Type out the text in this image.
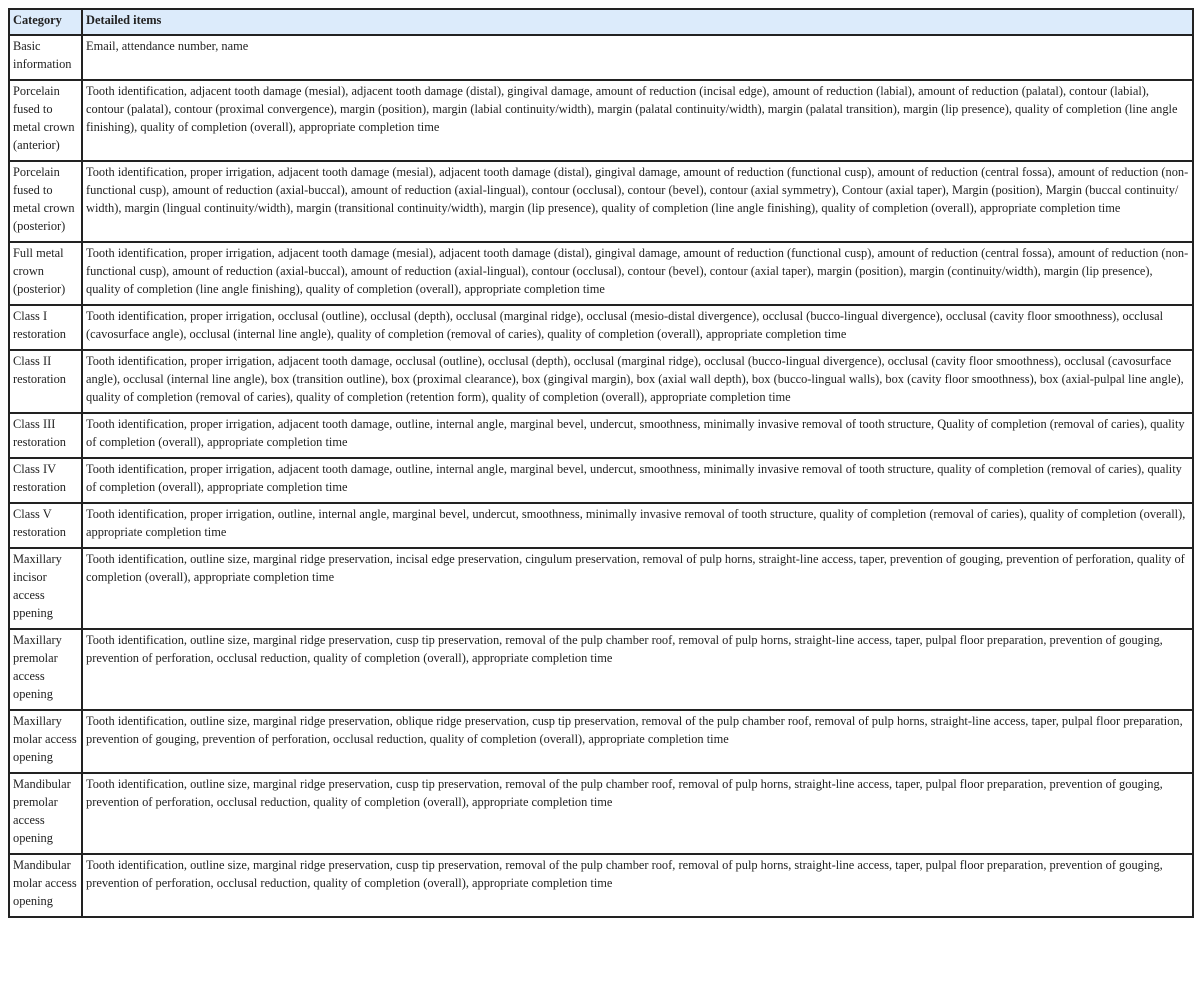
Category	Detailed items
Basic information	Email, attendance number, name
Porcelain fused to metal crown (anterior)	Tooth identification, adjacent tooth damage (mesial), adjacent tooth damage (distal), gingival damage, amount of reduction (incisal edge), amount of reduction (labial), amount of reduction (palatal), contour (labial), contour (palatal), contour (proximal convergence), margin (position), margin (labial continuity/width), margin (palatal continuity/width), margin (palatal transition), margin (lip presence), quality of completion (line angle finishing), quality of completion (overall), appropriate completion time
Porcelain fused to metal crown (posterior)	Tooth identification, proper irrigation, adjacent tooth damage (mesial), adjacent tooth damage (distal), gingival damage, amount of reduction (functional cusp), amount of reduction (central fossa), amount of reduction (non-functional cusp), amount of reduction (axial-buccal), amount of reduction (axial-lingual), contour (occlusal), contour (bevel), contour (axial symmetry), Contour (axial taper), Margin (position), Margin (buccal continuity/ width), margin (lingual continuity/width), margin (transitional continuity/width), margin (lip presence), quality of completion (line angle finishing), quality of completion (overall), appropriate completion time
Full metal crown (posterior)	Tooth identification, proper irrigation, adjacent tooth damage (mesial), adjacent tooth damage (distal), gingival damage, amount of reduction (functional cusp), amount of reduction (central fossa), amount of reduction (non-functional cusp), amount of reduction (axial-buccal), amount of reduction (axial-lingual), contour (occlusal), contour (bevel), contour (axial taper), margin (position), margin (continuity/width), margin (lip presence), quality of completion (line angle finishing), quality of completion (overall), appropriate completion time
Class I restoration	Tooth identification, proper irrigation, occlusal (outline), occlusal (depth), occlusal (marginal ridge), occlusal (mesio-distal divergence), occlusal (bucco-lingual divergence), occlusal (cavity floor smoothness), occlusal (cavosurface angle), occlusal (internal line angle), quality of completion (removal of caries), quality of completion (overall), appropriate completion time
Class II restoration	Tooth identification, proper irrigation, adjacent tooth damage, occlusal (outline), occlusal (depth), occlusal (marginal ridge), occlusal (bucco-lingual divergence), occlusal (cavity floor smoothness), occlusal (cavosurface angle), occlusal (internal line angle), box (transition outline), box (proximal clearance), box (gingival margin), box (axial wall depth), box (bucco-lingual walls), box (cavity floor smoothness), box (axial-pulpal line angle), quality of completion (removal of caries), quality of completion (retention form), quality of completion (overall), appropriate completion time
Class III restoration	Tooth identification, proper irrigation, adjacent tooth damage, outline, internal angle, marginal bevel, undercut, smoothness, minimally invasive removal of tooth structure, Quality of completion (removal of caries), quality of completion (overall), appropriate completion time
Class IV restoration	Tooth identification, proper irrigation, adjacent tooth damage, outline, internal angle, marginal bevel, undercut, smoothness, minimally invasive removal of tooth structure, quality of completion (removal of caries), quality of completion (overall), appropriate completion time
Class V restoration	Tooth identification, proper irrigation, outline, internal angle, marginal bevel, undercut, smoothness, minimally invasive removal of tooth structure, quality of completion (removal of caries), quality of completion (overall), appropriate completion time
Maxillary incisor access ppening	Tooth identification, outline size, marginal ridge preservation, incisal edge preservation, cingulum preservation, removal of pulp horns, straight-line access, taper, prevention of gouging, prevention of perforation, quality of completion (overall), appropriate completion time
Maxillary premolar access opening	Tooth identification, outline size, marginal ridge preservation, cusp tip preservation, removal of the pulp chamber roof, removal of pulp horns, straight-line access, taper, pulpal floor preparation, prevention of gouging, prevention of perforation, occlusal reduction, quality of completion (overall), appropriate completion time
Maxillary molar access opening	Tooth identification, outline size, marginal ridge preservation, oblique ridge preservation, cusp tip preservation, removal of the pulp chamber roof, removal of pulp horns, straight-line access, taper, pulpal floor preparation, prevention of gouging, prevention of perforation, occlusal reduction, quality of completion (overall), appropriate completion time
Mandibular premolar access opening	Tooth identification, outline size, marginal ridge preservation, cusp tip preservation, removal of the pulp chamber roof, removal of pulp horns, straight-line access, taper, pulpal floor preparation, prevention of gouging, prevention of perforation, occlusal reduction, quality of completion (overall), appropriate completion time
Mandibular molar access opening	Tooth identification, outline size, marginal ridge preservation, cusp tip preservation, removal of the pulp chamber roof, removal of pulp horns, straight-line access, taper, pulpal floor preparation, prevention of gouging, prevention of perforation, occlusal reduction, quality of completion (overall), appropriate completion time
